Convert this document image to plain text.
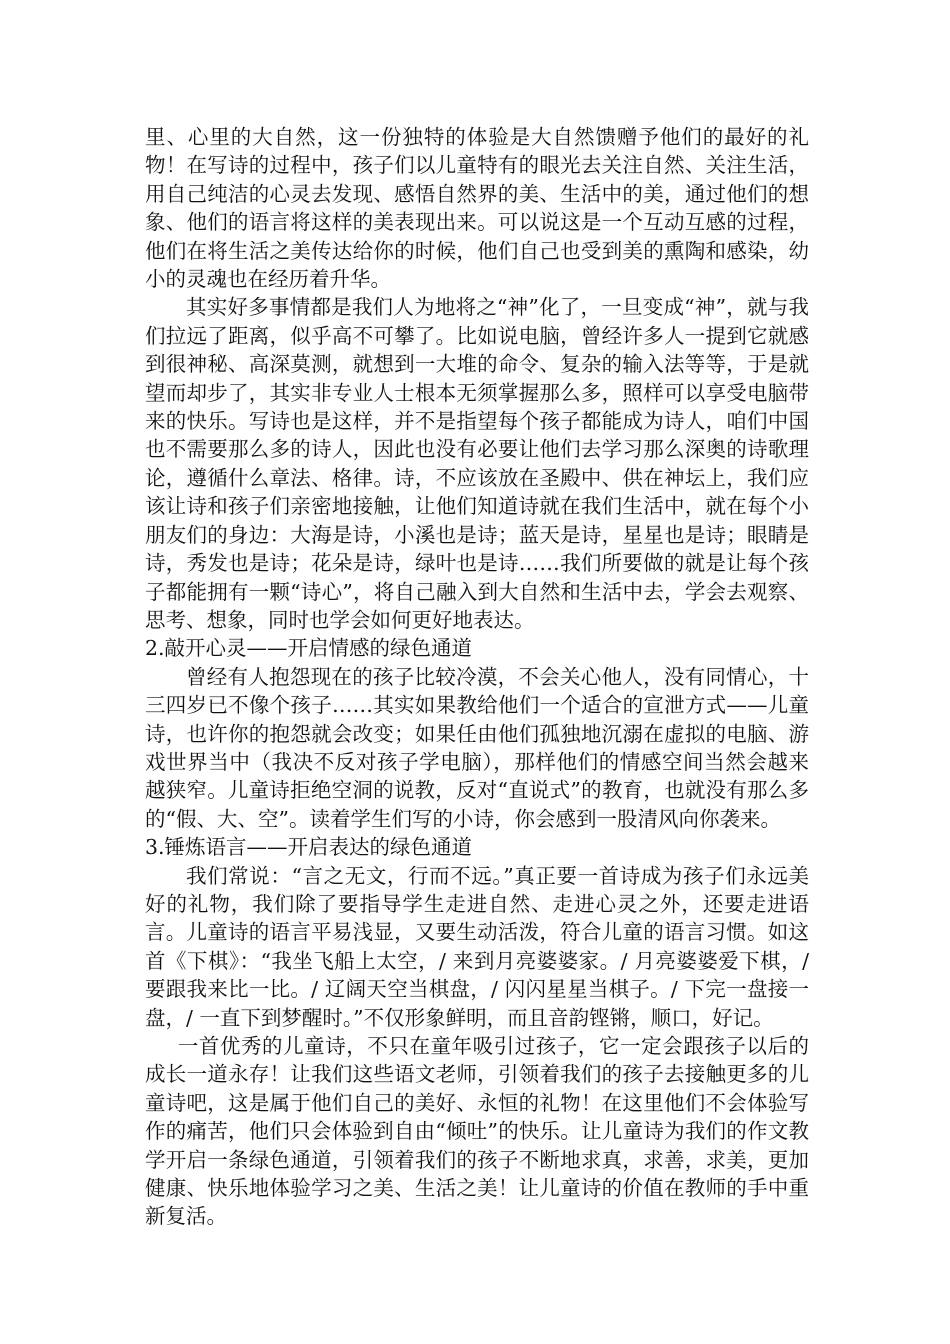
里、心里的大自然，这一份独特的体验是大自然馈赠予他们的最好的礼物！在写诗的过程中，孩子们以儿童特有的眼光去关注自然、关注生活，用自己纯洁的心灵去发现、感悟自然界的美、生活中的美，通过他们的想象、他们的语言将这样的美表现出来。可以说这是一个互动互感的过程，他们在将生活之美传达给你的时候，他们自己也受到美的熏陶和感染，幼小的灵魂也在经历着升华。

其实好多事情都是我们人为地将之“神”化了，一旦变成“神”，就与我们拉远了距离，似乎高不可攀了。比如说电脑，曾经许多人一提到它就感到很神秘、高深莫测，就想到一大堆的命令、复杂的输入法等等，于是就望而却步了，其实非专业人士根本无须掌握那么多，照样可以享受电脑带来的快乐。写诗也是这样，并不是指望每个孩子都能成为诗人，咱们中国也不需要那么多的诗人，因此也没有必要让他们去学习那么深奥的诗歌理论，遵循什么章法、格律。诗，不应该放在圣殿中、供在神坛上，我们应该让诗和孩子们亲密地接触，让他们知道诗就在我们生活中，就在每个小朋友们的身边：大海是诗，小溪也是诗；蓝天是诗，星星也是诗；眼睛是诗，秀发也是诗；花朵是诗，绿叶也是诗……我们所要做的就是让每个孩子都能拥有一颗“诗心”，将自己融入到大自然和生活中去，学会去观察、思考、想象，同时也学会如何更好地表达。

2.敲开心灵——开启情感的绿色通道

曾经有人抱怨现在的孩子比较冷漠，不会关心他人，没有同情心，十三四岁已不像个孩子……其实如果教给他们一个适合的宣泄方式——儿童诗，也许你的抱怨就会改变；如果任由他们孤独地沉溺在虚拟的电脑、游戏世界当中（我决不反对孩子学电脑），那样他们的情感空间当然会越来越狭窄。儿童诗拒绝空洞的说教，反对“直说式”的教育，也就没有那么多的“假、大、空”。读着学生们写的小诗，你会感到一股清风向你袭来。

3.锤炼语言——开启表达的绿色通道

我们常说：“言之无文，行而不远。”真正要一首诗成为孩子们永远美好的礼物，我们除了要指导学生走进自然、走进心灵之外，还要走进语言。儿童诗的语言平易浅显，又要生动活泼，符合儿童的语言习惯。如这首《下棋》：“我坐飞船上太空，/ 来到月亮婆婆家。/ 月亮婆婆爱下棋，/ 要跟我来比一比。/ 辽阔天空当棋盘，/ 闪闪星星当棋子。/ 下完一盘接一盘，/ 一直下到梦醒时。”不仅形象鲜明，而且音韵铿锵，顺口，好记。

一首优秀的儿童诗，不只在童年吸引过孩子，它一定会跟孩子以后的成长一道永存！让我们这些语文老师，引领着我们的孩子去接触更多的儿童诗吧，这是属于他们自己的美好、永恒的礼物！在这里他们不会体验写作的痛苦，他们只会体验到自由“倾吐”的快乐。让儿童诗为我们的作文教学开启一条绿色通道，引领着我们的孩子不断地求真，求善，求美，更加健康、快乐地体验学习之美、生活之美！让儿童诗的价值在教师的手中重新复活。
